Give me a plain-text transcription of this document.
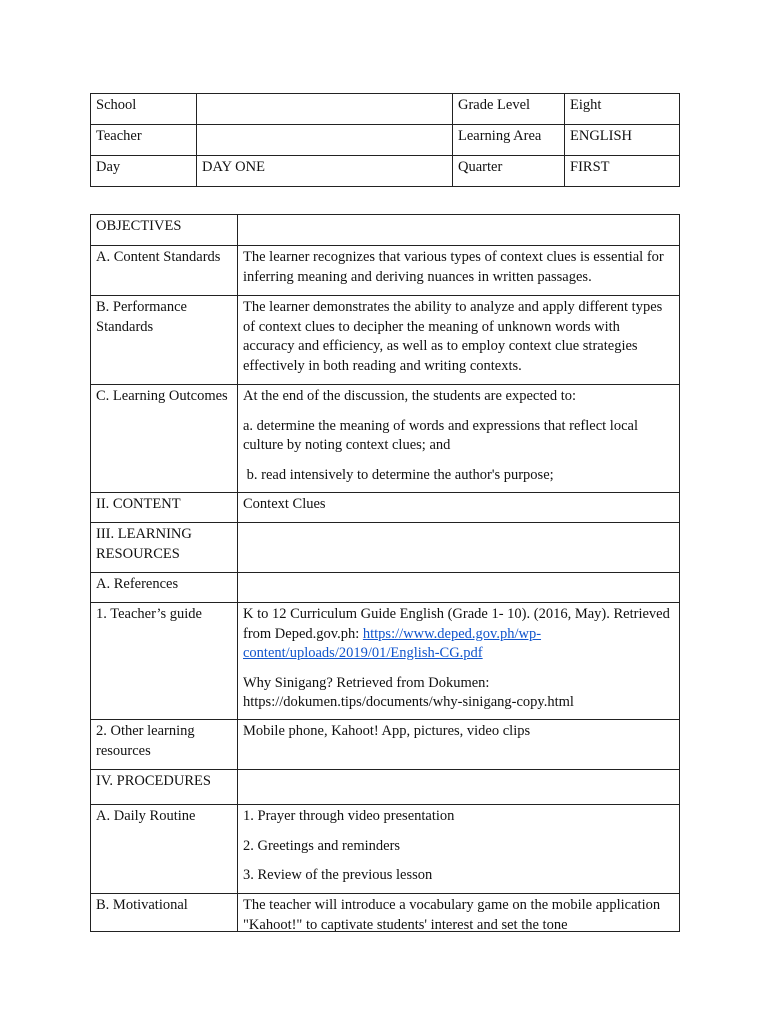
School		Grade Level	Eight

Teacher		Learning Area	ENGLISH

Day	DAY ONE	Quarter	FIRST
OBJECTIVES	

A. Content Standards	The learner recognizes that various types of context clues is essential for inferring meaning and deriving nuances in written passages.

B. Performance Standards	The learner demonstrates the ability to analyze and apply different types of context clues to decipher the meaning of unknown words with accuracy and efficiency, as well as to employ context clue strategies effectively in both reading and writing contexts.

C. Learning Outcomes	At the end of the discussion, the students are expected to:

a. determine the meaning of words and expressions that reflect local culture by noting context clues; and

b. read intensively to determine the author's purpose;

II. CONTENT	Context Clues

III. LEARNING RESOURCES	

A. References	

1. Teacher’s guide	K to 12 Curriculum Guide English (Grade 1- 10). (2016, May). Retrieved from Deped.gov.ph: https://www.deped.gov.ph/wp-content/uploads/2019/01/English-CG.pdf

Why Sinigang? Retrieved from Dokumen: https://dokumen.tips/documents/why-sinigang-copy.html

2. Other learning resources	Mobile phone, Kahoot! App, pictures, video clips

IV. PROCEDURES	

A. Daily Routine	1. Prayer through video presentation

2. Greetings and reminders

3. Review of the previous lesson

B. Motivational	The teacher will introduce a vocabulary game on the mobile application "Kahoot!" to captivate students' interest and set the tone
